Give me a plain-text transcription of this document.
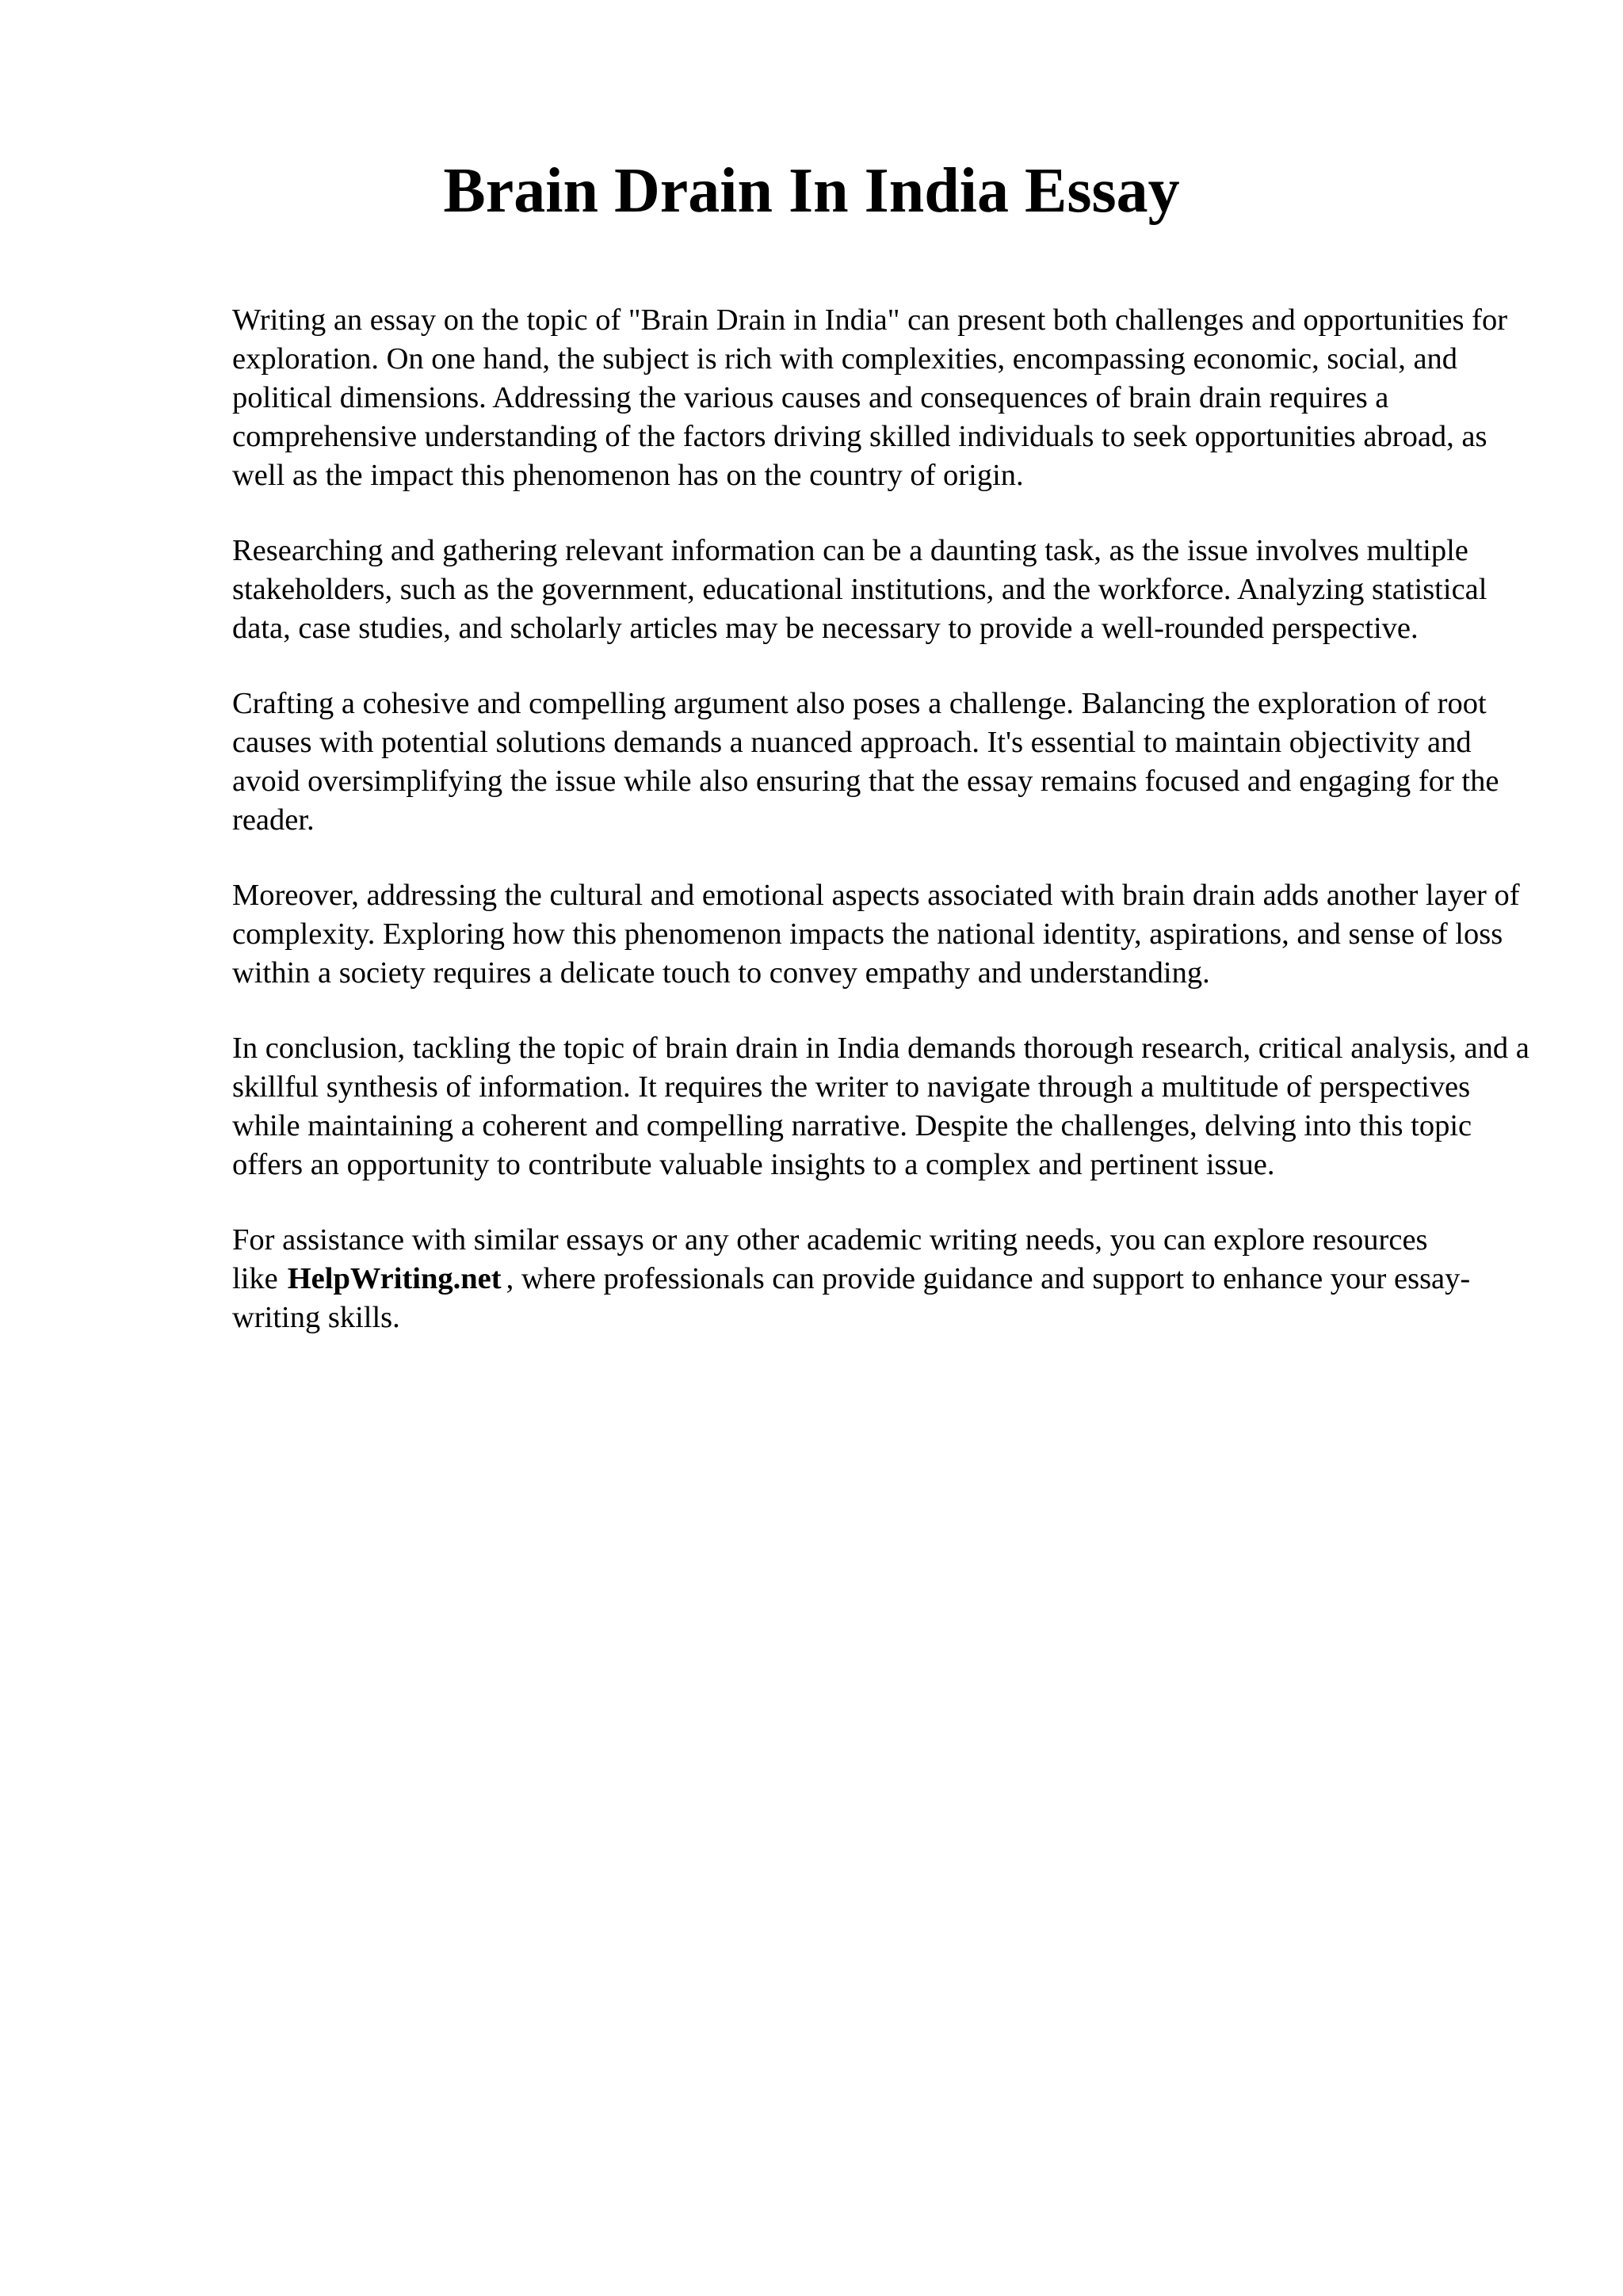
Brain Drain In India Essay

Writing an essay on the topic of "Brain Drain in India" can present both challenges and opportunities for exploration. On one hand, the subject is rich with complexities, encompassing economic, social, and political dimensions. Addressing the various causes and consequences of brain drain requires a comprehensive understanding of the factors driving skilled individuals to seek opportunities abroad, as well as the impact this phenomenon has on the country of origin.

Researching and gathering relevant information can be a daunting task, as the issue involves multiple stakeholders, such as the government, educational institutions, and the workforce. Analyzing statistical data, case studies, and scholarly articles may be necessary to provide a well-rounded perspective.

Crafting a cohesive and compelling argument also poses a challenge. Balancing the exploration of root causes with potential solutions demands a nuanced approach. It's essential to maintain objectivity and avoid oversimplifying the issue while also ensuring that the essay remains focused and engaging for the reader.

Moreover, addressing the cultural and emotional aspects associated with brain drain adds another layer of complexity. Exploring how this phenomenon impacts the national identity, aspirations, and sense of loss within a society requires a delicate touch to convey empathy and understanding.

In conclusion, tackling the topic of brain drain in India demands thorough research, critical analysis, and a skillful synthesis of information. It requires the writer to navigate through a multitude of perspectives while maintaining a coherent and compelling narrative. Despite the challenges, delving into this topic offers an opportunity to contribute valuable insights to a complex and pertinent issue.

For assistance with similar essays or any other academic writing needs, you can explore resources like HelpWriting.net , where professionals can provide guidance and support to enhance your essay-writing skills.
